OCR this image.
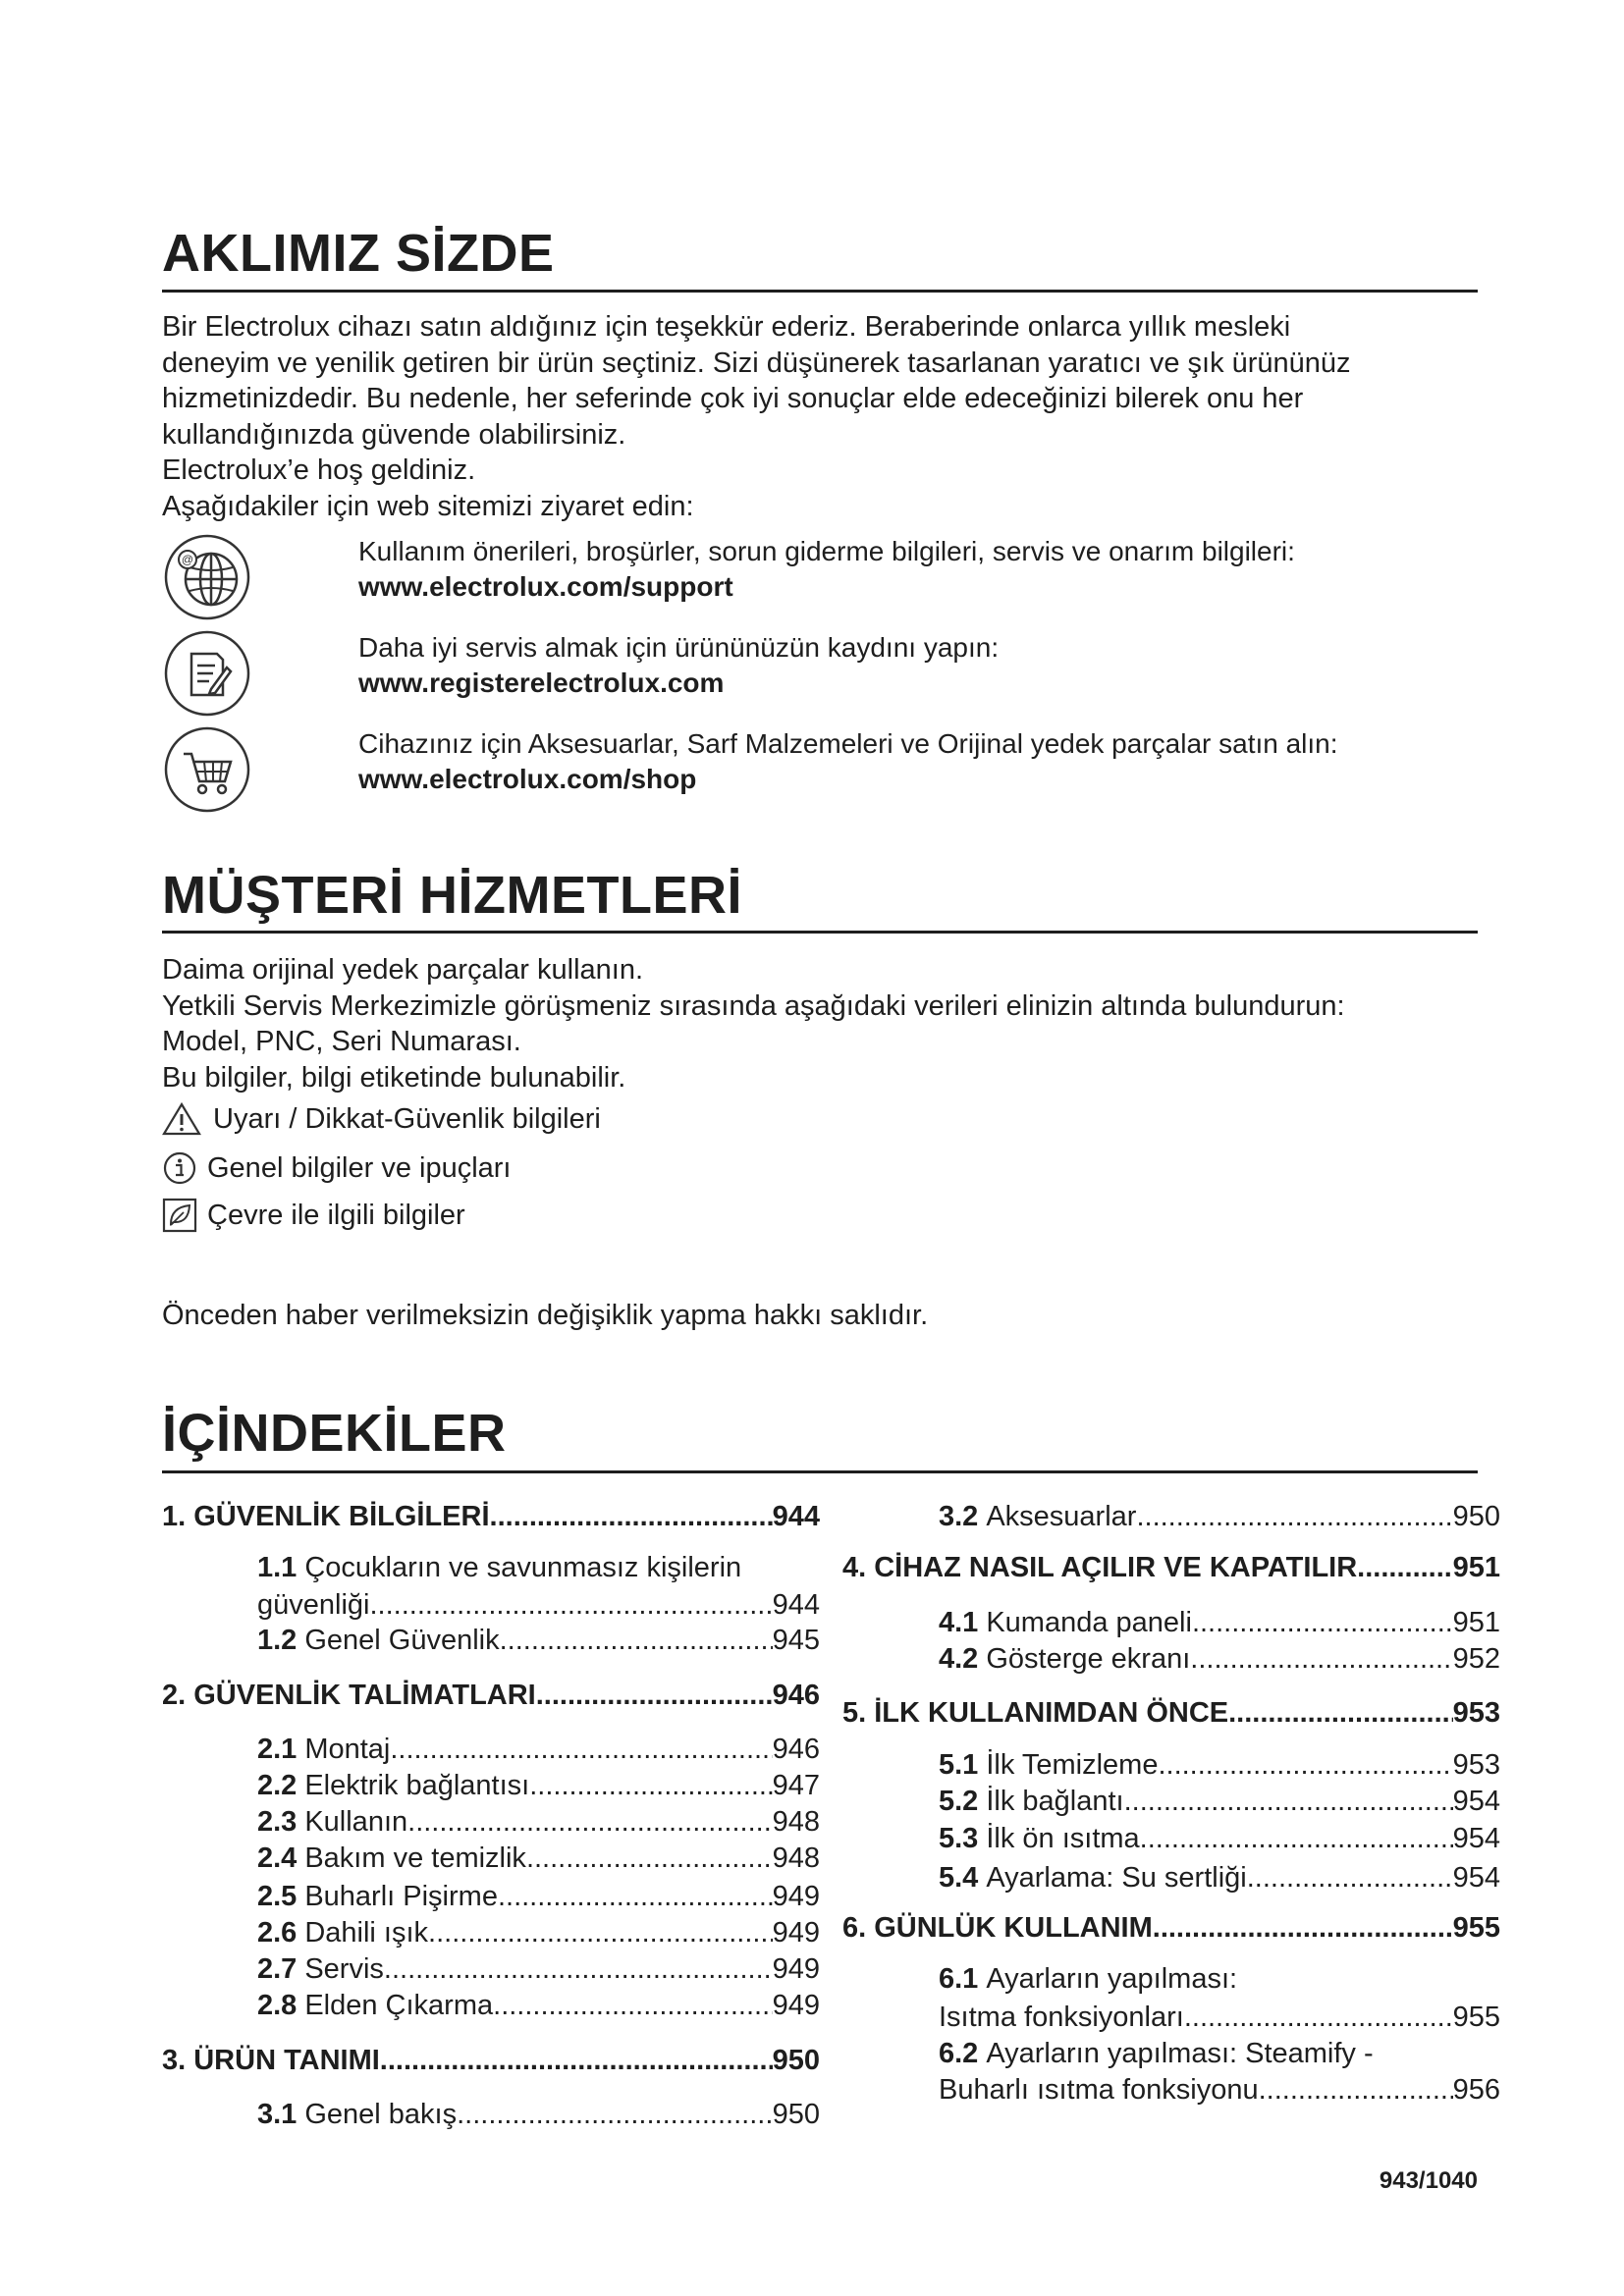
AKLIMIZ SİZDE
Bir Electrolux cihazı satın aldığınız için teşekkür ederiz. Beraberinde onlarca yıllık mesleki
deneyim ve yenilik getiren bir ürün seçtiniz. Sizi düşünerek tasarlanan yaratıcı ve şık ürününüz
hizmetinizdedir. Bu nedenle, her seferinde çok iyi sonuçlar elde edeceğinizi bilerek onu her
kullandığınızda güvende olabilirsiniz.
Electrolux’e hoş geldiniz.
Aşağıdakiler için web sitemizi ziyaret edin:
@	Kullanım önerileri, broşürler, sorun giderme bilgileri, servis ve onarım bilgileri:
www.electrolux.com/support
Daha iyi servis almak için ürününüzün kaydını yapın:
www.registerelectrolux.com
Cihazınız için Aksesuarlar, Sarf Malzemeleri ve Orijinal yedek parçalar satın alın:
www.electrolux.com/shop
MÜŞTERİ HİZMETLERİ
Daima orijinal yedek parçalar kullanın.
Yetkili Servis Merkezimizle görüşmeniz sırasında aşağıdaki verileri elinizin altında bulundurun:
Model, PNC, Seri Numarası.
Bu bilgiler, bilgi etiketinde bulunabilir.
Uyarı / Dikkat-Güvenlik bilgileri
Genel bilgiler ve ipuçları
Çevre ile ilgili bilgiler
Önceden haber verilmeksizin değişiklik yapma hakkı saklıdır.
İÇİNDEKİLER
1. GÜVENLİK BİLGİLERİ .....	944
1.1 Çocukların ve savunmasız kişilerin
güvenliği .....	944
1.2 Genel Güvenlik .....	945
2. GÜVENLİK TALİMATLARI .....	946
2.1 Montaj .....	946
2.2 Elektrik bağlantısı .....	947
2.3 Kullanın .....	948
2.4 Bakım ve temizlik .....	948
2.5 Buharlı Pişirme .....	949
2.6 Dahili ışık .....	949
2.7 Servis .....	949
2.8 Elden Çıkarma .....	949
3. ÜRÜN TANIMI .....	950
3.1 Genel bakış .....	950
3.2 Aksesuarlar .....	950
4. CİHAZ NASIL AÇILIR VE KAPATILIR .....	951
4.1 Kumanda paneli .....	951
4.2 Gösterge ekranı .....	952
5. İLK KULLANIMDAN ÖNCE .....	953
5.1 İlk Temizleme .....	953
5.2 İlk bağlantı .....	954
5.3 İlk ön ısıtma .....	954
5.4 Ayarlama: Su sertliği .....	954
6. GÜNLÜK KULLANIM .....	955
6.1 Ayarların yapılması:
Isıtma fonksiyonları .....	955
6.2 Ayarların yapılması: Steamify -
Buharlı ısıtma fonksiyonu .....	956
943/1040
